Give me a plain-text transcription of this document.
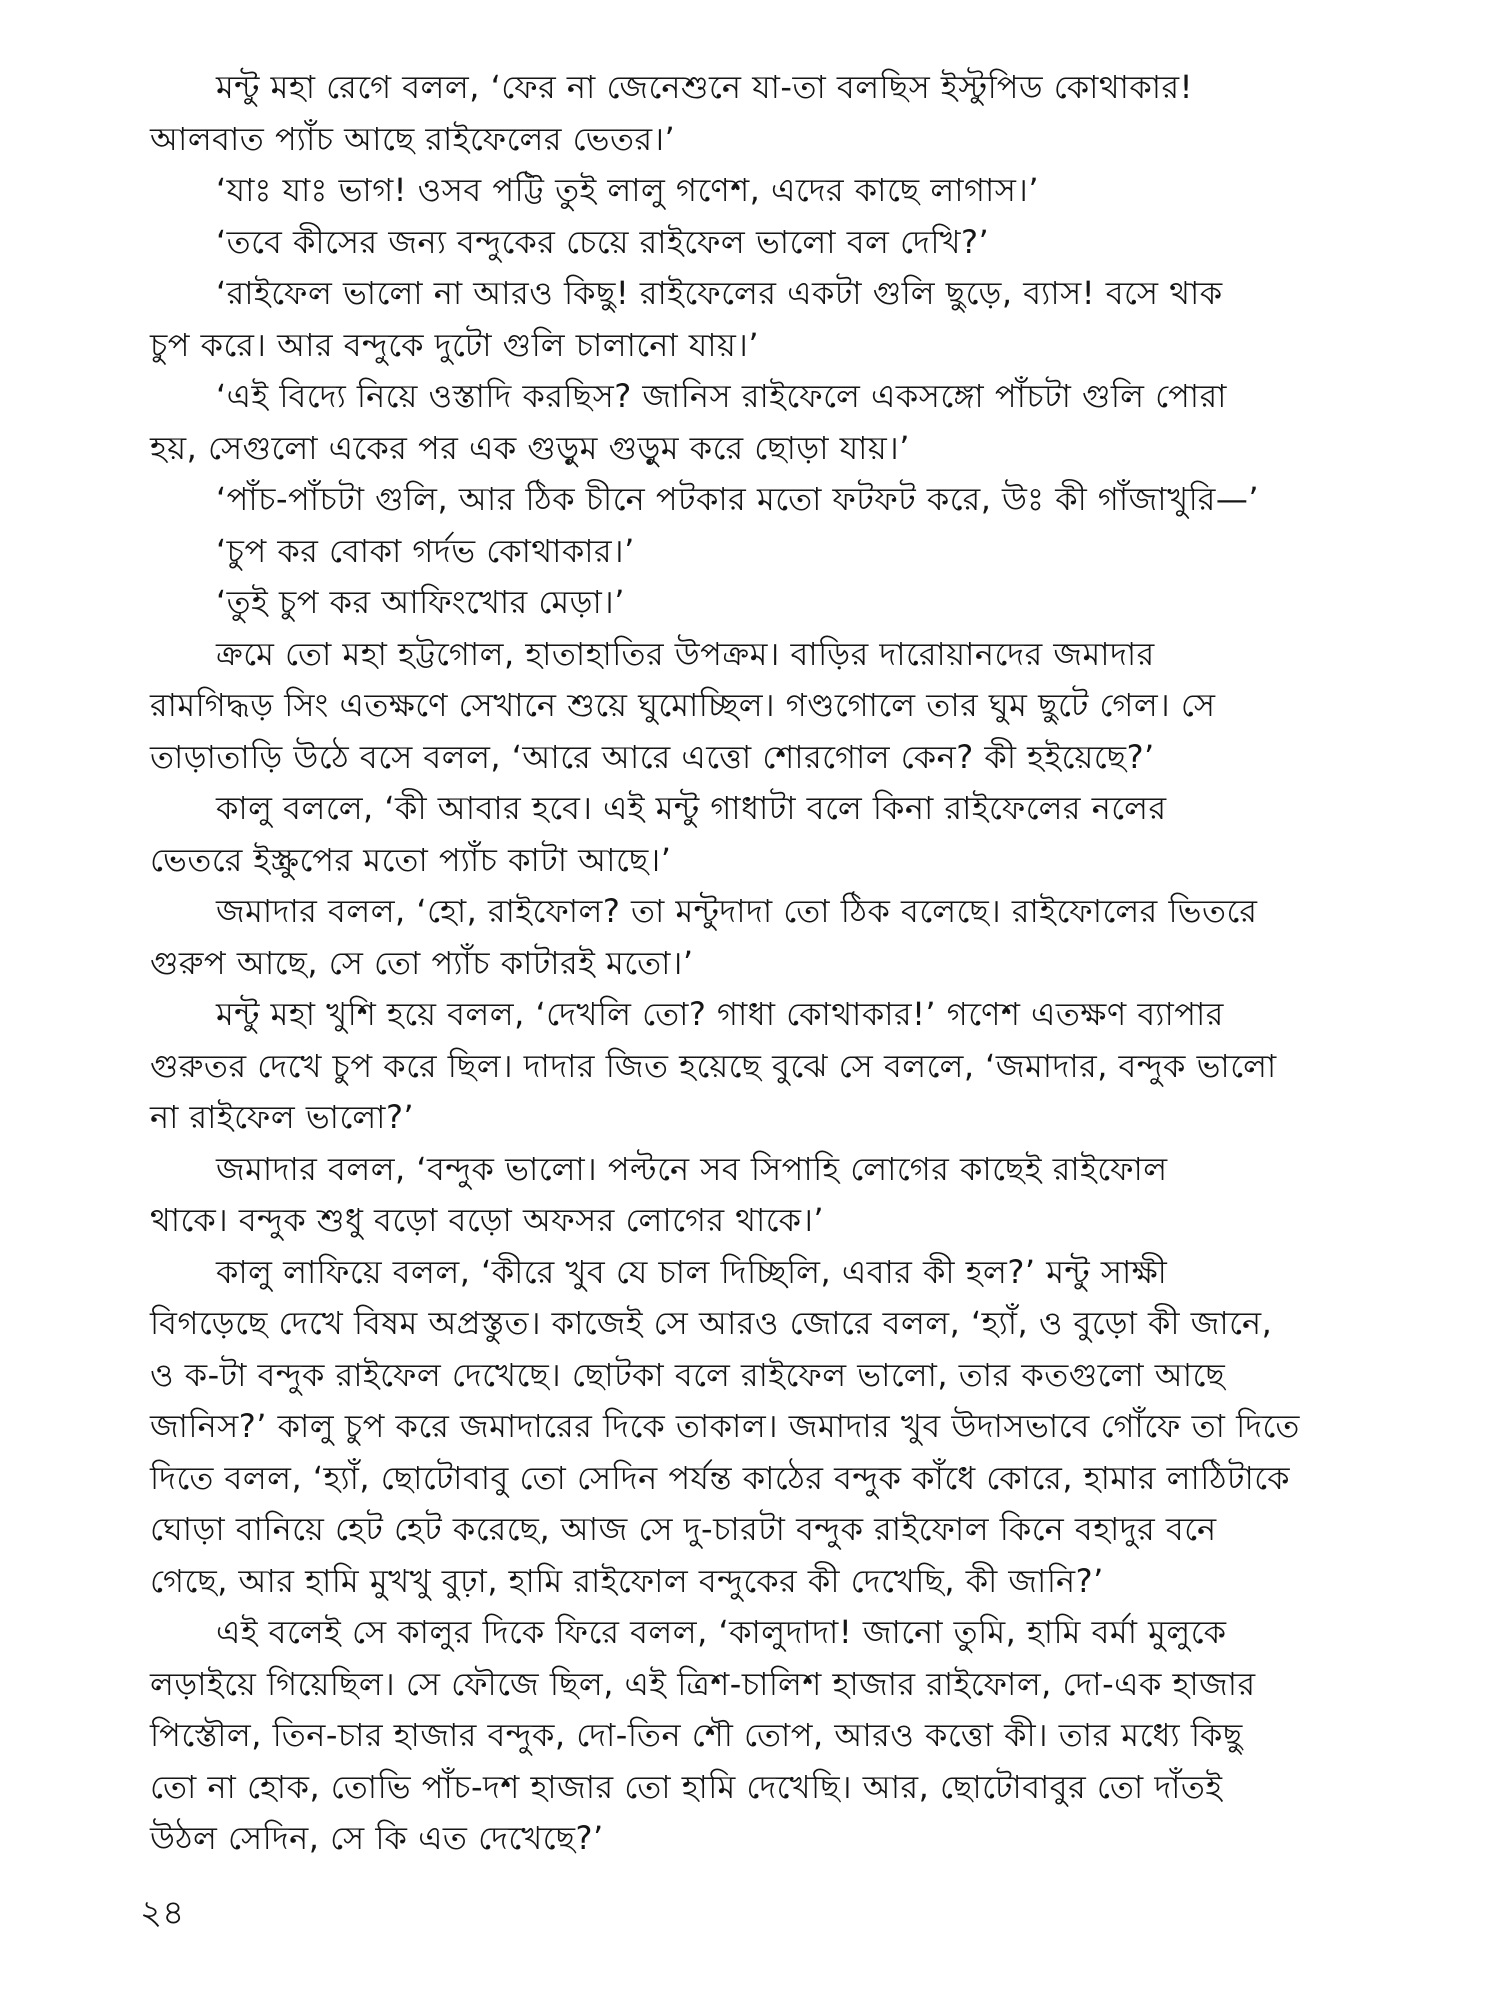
মন্টু মহা রেগে বলল, ‘ফের না জেনেশুনে যা-তা বলছিস ইস্টুপিড কোথাকার!
আলবাত প্যাঁচ আছে রাইফেলের ভেতর।’
‘যাঃ যাঃ ভাগ! ওসব পট্টি তুই লালু গণেশ, এদের কাছে লাগাস।’
‘তবে কীসের জন্য বন্দুকের চেয়ে রাইফেল ভালো বল দেখি?’
‘রাইফেল ভালো না আরও কিছু! রাইফেলের একটা গুলি ছুড়ে, ব্যাস! বসে থাক
চুপ করে। আর বন্দুকে দুটো গুলি চালানো যায়।’
‘এই বিদ্যে নিয়ে ওস্তাদি করছিস? জানিস রাইফেলে একসঙ্গো পাঁচটা গুলি পোরা
হয়, সেগুলো একের পর এক গুড়ুম গুড়ুম করে ছোড়া যায়।’
‘পাঁচ-পাঁচটা গুলি, আর ঠিক চীনে পটকার মতো ফটফট করে, উঃ কী গাঁজাখুরি—’
‘চুপ কর বোকা গর্দভ কোথাকার।’
‘তুই চুপ কর আফিংখোর মেড়া।’
ক্রমে তো মহা হট্টগোল, হাতাহাতির উপক্রম। বাড়ির দারোয়ানদের জমাদার
রামগিদ্ধড় সিং এতক্ষণে সেখানে শুয়ে ঘুমোচ্ছিল। গণ্ডগোলে তার ঘুম ছুটে গেল। সে
তাড়াতাড়ি উঠে বসে বলল, ‘আরে আরে এত্তো শোরগোল কেন? কী হইয়েছে?’
কালু বললে, ‘কী আবার হবে। এই মন্টু গাধাটা বলে কিনা রাইফেলের নলের
ভেতরে ইস্ক্রুপের মতো প্যাঁচ কাটা আছে।’
জমাদার বলল, ‘হো, রাইফোল? তা মন্টুদাদা তো ঠিক বলেছে। রাইফোলের ভিতরে
গুরুপ আছে, সে তো প্যাঁচ কাটারই মতো।’
মন্টু মহা খুশি হয়ে বলল, ‘দেখলি তো? গাধা কোথাকার!’ গণেশ এতক্ষণ ব্যাপার
গুরুতর দেখে চুপ করে ছিল। দাদার জিত হয়েছে বুঝে সে বললে, ‘জমাদার, বন্দুক ভালো
না রাইফেল ভালো?’
জমাদার বলল, ‘বন্দুক ভালো। পল্টনে সব সিপাহি লোগের কাছেই রাইফোল
থাকে। বন্দুক শুধু বড়ো বড়ো অফসর লোগের থাকে।’
কালু লাফিয়ে বলল, ‘কীরে খুব যে চাল দিচ্ছিলি, এবার কী হল?’ মন্টু সাক্ষী
বিগড়েছে দেখে বিষম অপ্রস্তুত। কাজেই সে আরও জোরে বলল, ‘হ্যাঁ, ও বুড়ো কী জানে,
ও ক-টা বন্দুক রাইফেল দেখেছে। ছোটকা বলে রাইফেল ভালো, তার কতগুলো আছে
জানিস?’ কালু চুপ করে জমাদারের দিকে তাকাল। জমাদার খুব উদাসভাবে গোঁফে তা দিতে
দিতে বলল, ‘হ্যাঁ, ছোটোবাবু তো সেদিন পর্যন্ত কাঠের বন্দুক কাঁধে কোরে, হামার লাঠিটাকে
ঘোড়া বানিয়ে হেট হেট করেছে, আজ সে দু-চারটা বন্দুক রাইফোল কিনে বহাদুর বনে
গেছে, আর হামি মুখখু বুঢ়া, হামি রাইফোল বন্দুকের কী দেখেছি, কী জানি?’
এই বলেই সে কালুর দিকে ফিরে বলল, ‘কালুদাদা! জানো তুমি, হামি বর্মা মুলুকে
লড়াইয়ে গিয়েছিল। সে ফৌজে ছিল, এই ত্রিশ-চালিশ হাজার রাইফোল, দো-এক হাজার
পিস্তৌল, তিন-চার হাজার বন্দুক, দো-তিন শৌ তোপ, আরও কত্তো কী। তার মধ্যে কিছু
তো না হোক, তোভি পাঁচ-দশ হাজার তো হামি দেখেছি। আর, ছোটোবাবুর তো দাঁতই
উঠল সেদিন, সে কি এত দেখেছে?’
২৪
